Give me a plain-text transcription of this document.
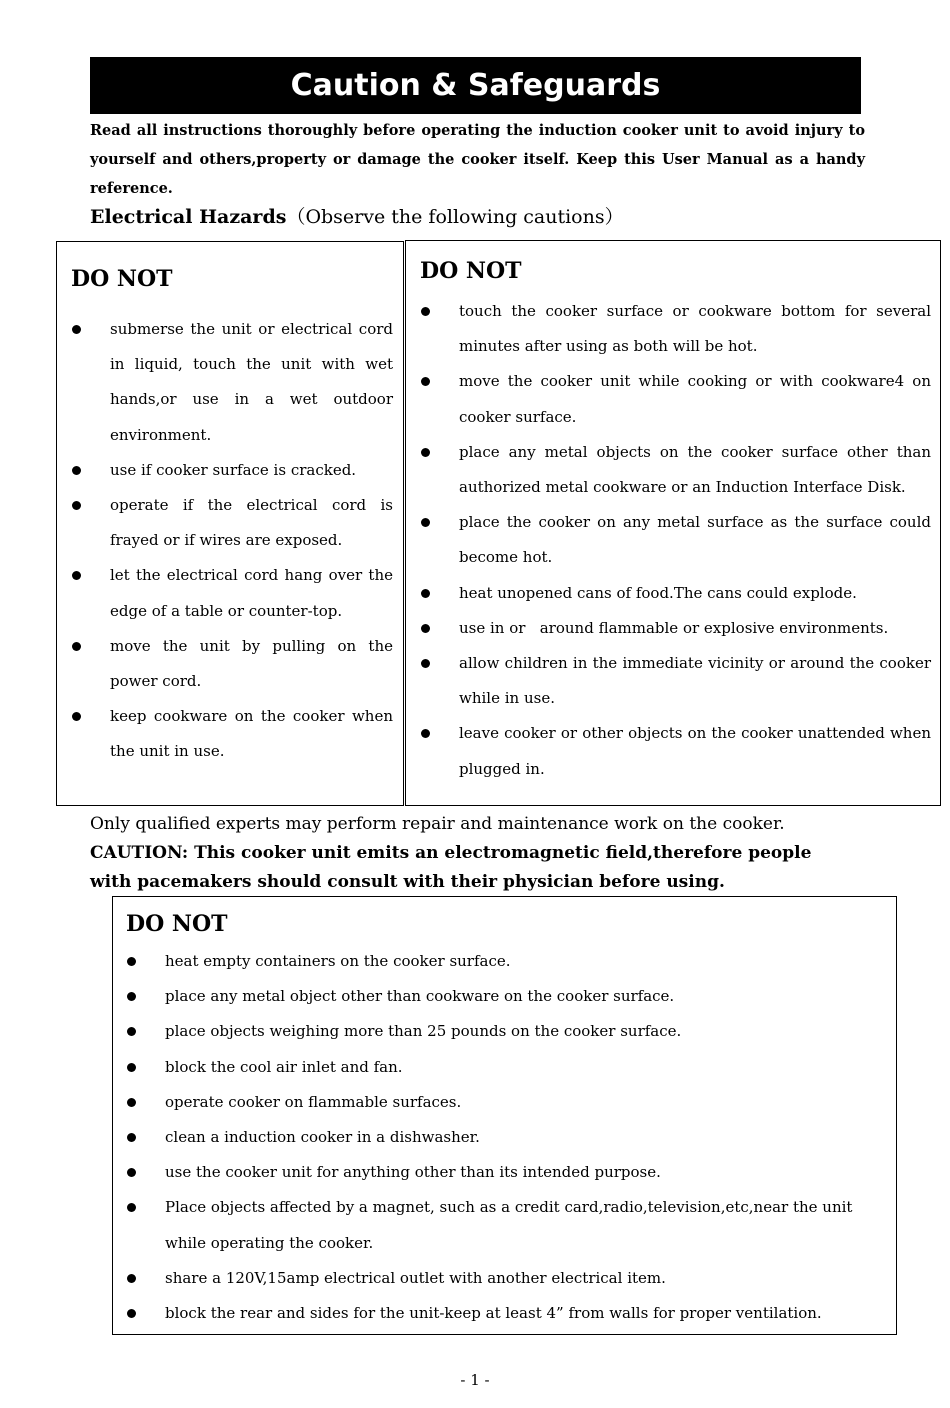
Caution & Safeguards

Read all instructions thoroughly before operating the induction cooker unit to avoid injury to yourself and others,property or damage the cooker itself. Keep this User Manual as a handy reference.

Electrical Hazards（Observe the following cautions）
DO NOT
submerse the unit or electrical cord in liquid, touch the unit with wet hands,or use in a wet outdoor environment.
use if cooker surface is cracked.
operate if the electrical cord is frayed or if wires are exposed.
let the electrical cord hang over the edge of a table or counter-top.
move the unit by pulling on the power cord.
keep cookware on the cooker when the unit in use.
DO NOT
touch the cooker surface or cookware bottom for several minutes after using as both will be hot.
move the cooker unit while cooking or with cookware4 on cooker surface.
place any metal objects on the cooker surface other than authorized metal cookware or an Induction Interface Disk.
place the cooker on any metal surface as the surface could become hot.
heat unopened cans of food.The cans could explode.
use in or   around flammable or explosive environments.
allow children in the immediate vicinity or around the cooker while in use.
leave cooker or other objects on the cooker unattended when plugged in.
Only qualified experts may perform repair and maintenance work on the cooker.
CAUTION: This cooker unit emits an electromagnetic field,therefore people with pacemakers should consult with their physician before using.
DO NOT
heat empty containers on the cooker surface.
place any metal object other than cookware on the cooker surface.
place objects weighing more than 25 pounds on the cooker surface.
block the cool air inlet and fan.
operate cooker on flammable surfaces.
clean a induction cooker in a dishwasher.
use the cooker unit for anything other than its intended purpose.
Place objects affected by a magnet, such as a credit card,radio,television,etc,near the unit while operating the cooker.
share a 120V,15amp electrical outlet with another electrical item.
block the rear and sides for the unit-keep at least 4” from walls for proper ventilation.
- 1 -
